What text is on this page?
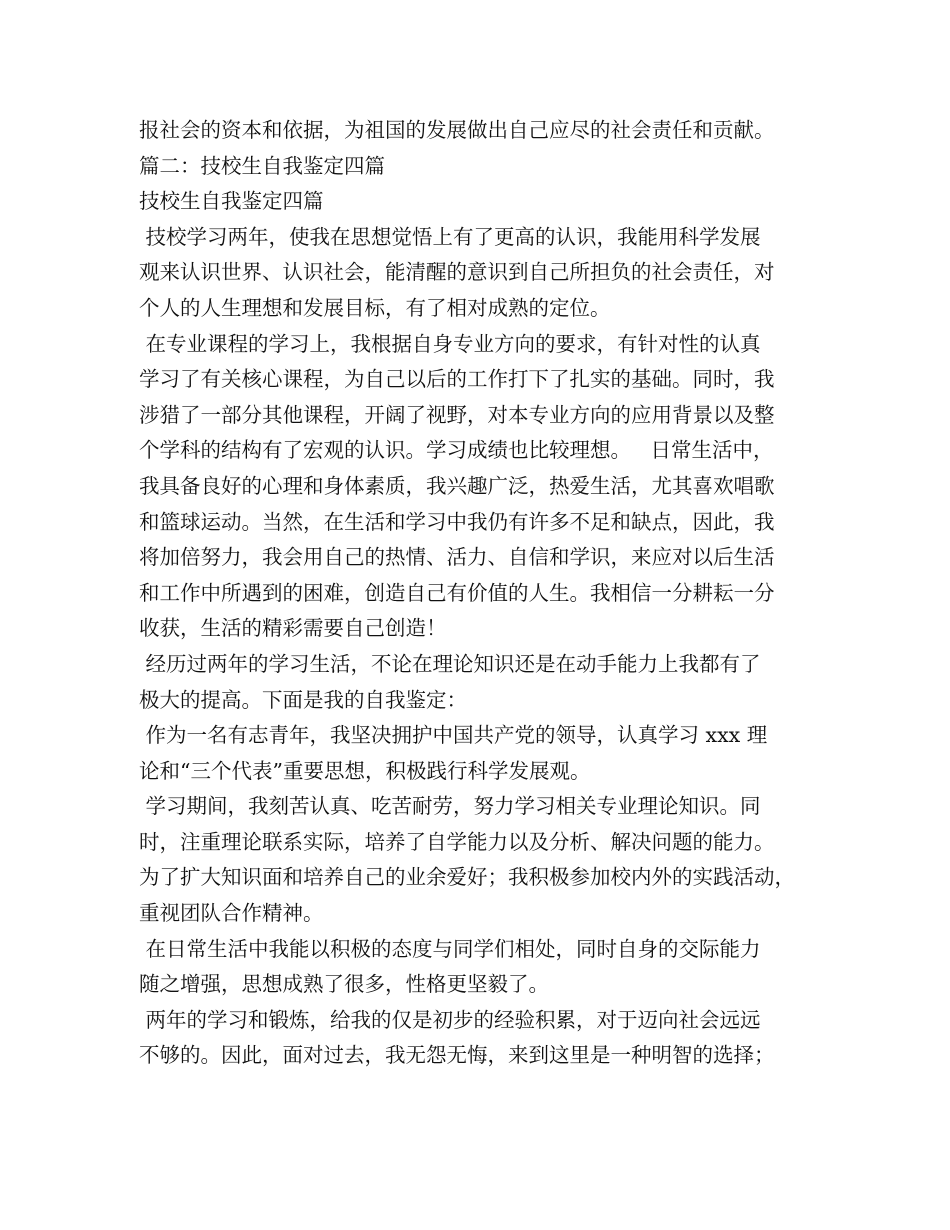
报社会的资本和依据，为祖国的发展做出自己应尽的社会责任和贡献。
篇二：技校生自我鉴定四篇
技校生自我鉴定四篇
技校学习两年，使我在思想觉悟上有了更高的认识，我能用科学发展
观来认识世界、认识社会，能清醒的意识到自己所担负的社会责任，对
个人的人生理想和发展目标，有了相对成熟的定位。
在专业课程的学习上，我根据自身专业方向的要求，有针对性的认真
学习了有关核心课程，为自己以后的工作打下了扎实的基础。同时，我
涉猎了一部分其他课程，开阔了视野，对本专业方向的应用背景以及整
个学科的结构有了宏观的认识。学习成绩也比较理想。   日常生活中，
我具备良好的心理和身体素质，我兴趣广泛，热爱生活，尤其喜欢唱歌
和篮球运动。当然，在生活和学习中我仍有许多不足和缺点，因此，我
将加倍努力，我会用自己的热情、活力、自信和学识，来应对以后生活
和工作中所遇到的困难，创造自己有价值的人生。我相信一分耕耘一分
收获，生活的精彩需要自己创造！
经历过两年的学习生活，不论在理论知识还是在动手能力上我都有了
极大的提高。下面是我的自我鉴定：
作为一名有志青年，我坚决拥护中国共产党的领导，认真学习 xxx 理
论和“三个代表”重要思想，积极践行科学发展观。
学习期间，我刻苦认真、吃苦耐劳，努力学习相关专业理论知识。同
时，注重理论联系实际，培养了自学能力以及分析、解决问题的能力。
为了扩大知识面和培养自己的业余爱好；我积极参加校内外的实践活动，
重视团队合作精神。
在日常生活中我能以积极的态度与同学们相处，同时自身的交际能力
随之增强，思想成熟了很多，性格更坚毅了。
两年的学习和锻炼，给我的仅是初步的经验积累，对于迈向社会远远
不够的。因此，面对过去，我无怨无悔，来到这里是一种明智的选择；
